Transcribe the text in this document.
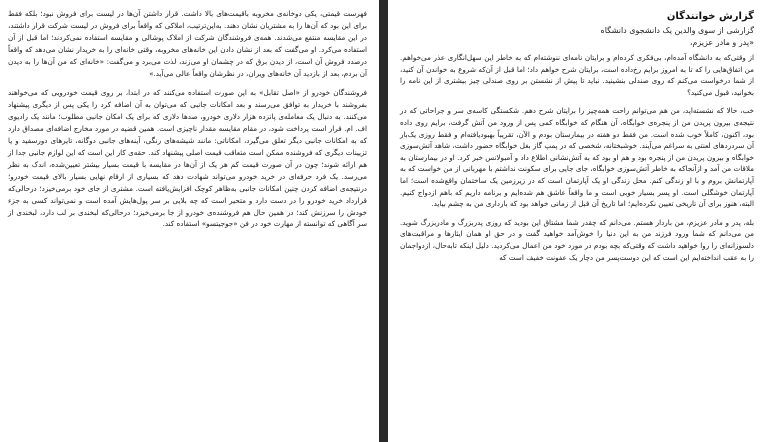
فهرست قیمتی، یکی دوخانه‌ی مخروبه باقیمت‌های بالا داشت. قرار داشتن آن‌ها در لیست برای فروش نبود؛ بلکه فقط برای این بود که آن‌ها را به مشتریان نشان دهند. به‌این‌ترتیب، املاکی که واقعاً برای فروش در لیست شرکت قرار داشتند، در این مقایسه منتفع می‌شدند. همه‌ی فروشندگان شرکت از املاک پوشالی و مقایسه استفاده نمی‌کردند؛ اما قبل از آن استفاده می‌کرد. او می‌گفت که بعد از نشان دادن این خانه‌های مخروبه، وقتی خانه‌ای را به خریدار نشان می‌دهد که واقعاً درصدد فروش آن است، از دیدن برق که در چشمان او می‌زند، لذت می‌برد و می‌گفت: «خانه‌ای که من آن‌ها را به دیدن آن بردم، بعد از بازدید آن خانه‌های ویران، در نظرشان واقعاً عالی می‌آید.»

فروشندگان خودرو از «اصل تقابل» به این صورت استفاده می‌کنند که در ابتدا، بر روی قیمت خودرویی که می‌خواهند بفروشند با خریدار به توافق می‌رسند و بعد امکانات جانبی که می‌توان به آن اضافه کرد را یکی پس از دیگری پیشنهاد می‌کنند. به دنبال یک معامله‌ی پانزده هزار دلاری خودرو، صدها دلاری که برای یک امکان جانبی مطلوب؛ مانند یک رادیوی اف. ام. قرار است پرداخت شود، در مقام مقایسه مقدار ناچیزی است. همین قضیه در مورد مخارج اضافه‌ای مصداق دارد که به امکانات جانبی دیگر تعلق می‌گیرد، امکاناتی: مانند شیشه‌های رنگی، آینه‌های جانبی دوگانه، تایرهای دورسفید و یا تزیینات دیگری که فروشنده ممکن است متعاقب قیمت اصلی پیشنهاد کند. حقه‌ی کار این است که این لوازم جانبی جدا از هم ارائه شوند؛ چون در آن صورت قیمت کم هر یک از آن‌ها در مقایسه با قیمت بسیار بیشتر تعیین‌شده، اندک به نظر می‌رسد. یک فرد حرفه‌ای در خرید خودرو می‌تواند شهادت دهد که بسیاری از ارقام نهایی بسیار بالای قیمت خودرو؛ درنتیجه‌ی اضافه کردن چنین امکانات جانبی به‌ظاهر کوچک افزایش‌یافته است. مشتری از جای خود برمی‌خیزد؛ درحالی‌که قرارداد خرید خودرو را در دست دارد و متحیر است که چه بلایی بر سر پول‌هایش آمده است و نمی‌تواند کسی به جزء خودش را سرزنش کند؛ در همین حال هم فروشنده‌ی خودرو از جا برمی‌خیزد؛ درحالی‌که لبخندی بر لب دارد، لبخندی از سر آگاهی که توانسته از مهارت خود در فن «جوجیتسو» استفاده کند.

گزارش خوانندگان
گزارشی از سوی والدین یک دانشجوی دانشگاه
«پدر و مادر عزیزم،

از وقتی‌که به دانشگاه آمده‌ام، بی‌فکری کرده‌ام و برایتان نامه‌ای ننوشته‌ام که به خاطر این سهل‌انگاری عذر می‌خواهم. من اتفاق‌هایی را که تا به امروز برایم رخ‌داده است، برایتان شرح خواهم داد؛ اما قبل از آن‌که شروع به خواندن آن کنید، از شما درخواست می‌کنم که روی صندلی بنشینید. نباید تا پیش از نشستن بر روی صندلی چیز بیشتری از این نامه را بخوانید، قبول می‌کنید؟

خب، حالا که نشسته‌اید، من هم می‌توانم راحت همه‌چیز را برایتان شرح دهم. شکستگی کاسه‌ی سر و جراحاتی که در نتیجه‌ی بیرون پریدن من از پنجره‌ی خوابگاه، آن هنگام که خوابگاه کمی پس از ورود من آتش گرفت، برایم روی داده بود، اکنون، کاملاً خوب شده است. من فقط دو هفته در بیمارستان بودم و الآن، تقریباً بهبودیافته‌ام و فقط روزی یک‌بار آن سردردهای لعنتی به سراغم می‌آیند. خوشبختانه، شخصی که در پمپ گاز بغل خوابگاه حضور داشت، شاهد آتش‌سوزی خوابگاه و بیرون پریدن من از پنجره بود و هم او بود که به آتش‌نشانی اطلاع داد و آمبولانس خبر کرد. او در بیمارستان به ملاقات من آمد و ازآنجاکه به خاطر آتش‌سوزی خوابگاه، جای جایی برای سکونت نداشتم با مهربانی از من خواست که به آپارتمانش بروم و با او زندگی کنم. محل زندگی او یک آپارتمان است که در زیرزمین یک ساختمان واقع‌شده است؛ اما آپارتمان خوشگلی است. او پسر بسیار خوبی است و ما واقعاً عاشق هم شده‌ایم و برنامه داریم که باهم ازدواج کنیم. البته، هنوز برای آن تاریخی تعیین نکرده‌ایم؛ اما تاریخ آن قبل از زمانی خواهد بود که بارداری من به چشم بیاید.

بله، پدر و مادر عزیزم، من باردار هستم. می‌دانم که چقدر شما مشتاق این بودید که روزی پدربزرگ و مادربزرگ شوید. من می‌دانم که شما ورود فرزند من به این دنیا را خوش‌آمد خواهید گفت و در حق او همان ایثارها و مراقبت‌های دلسوزانه‌ای را روا خواهید داشت که وقتی‌که بچه بودم در مورد خود من اعمال می‌کردید. دلیل اینکه تابه‌حال، ازدواجمان را به عقب انداخته‌ایم این است که این دوست‌پسر من دچار یک عفونت خفیف است که
